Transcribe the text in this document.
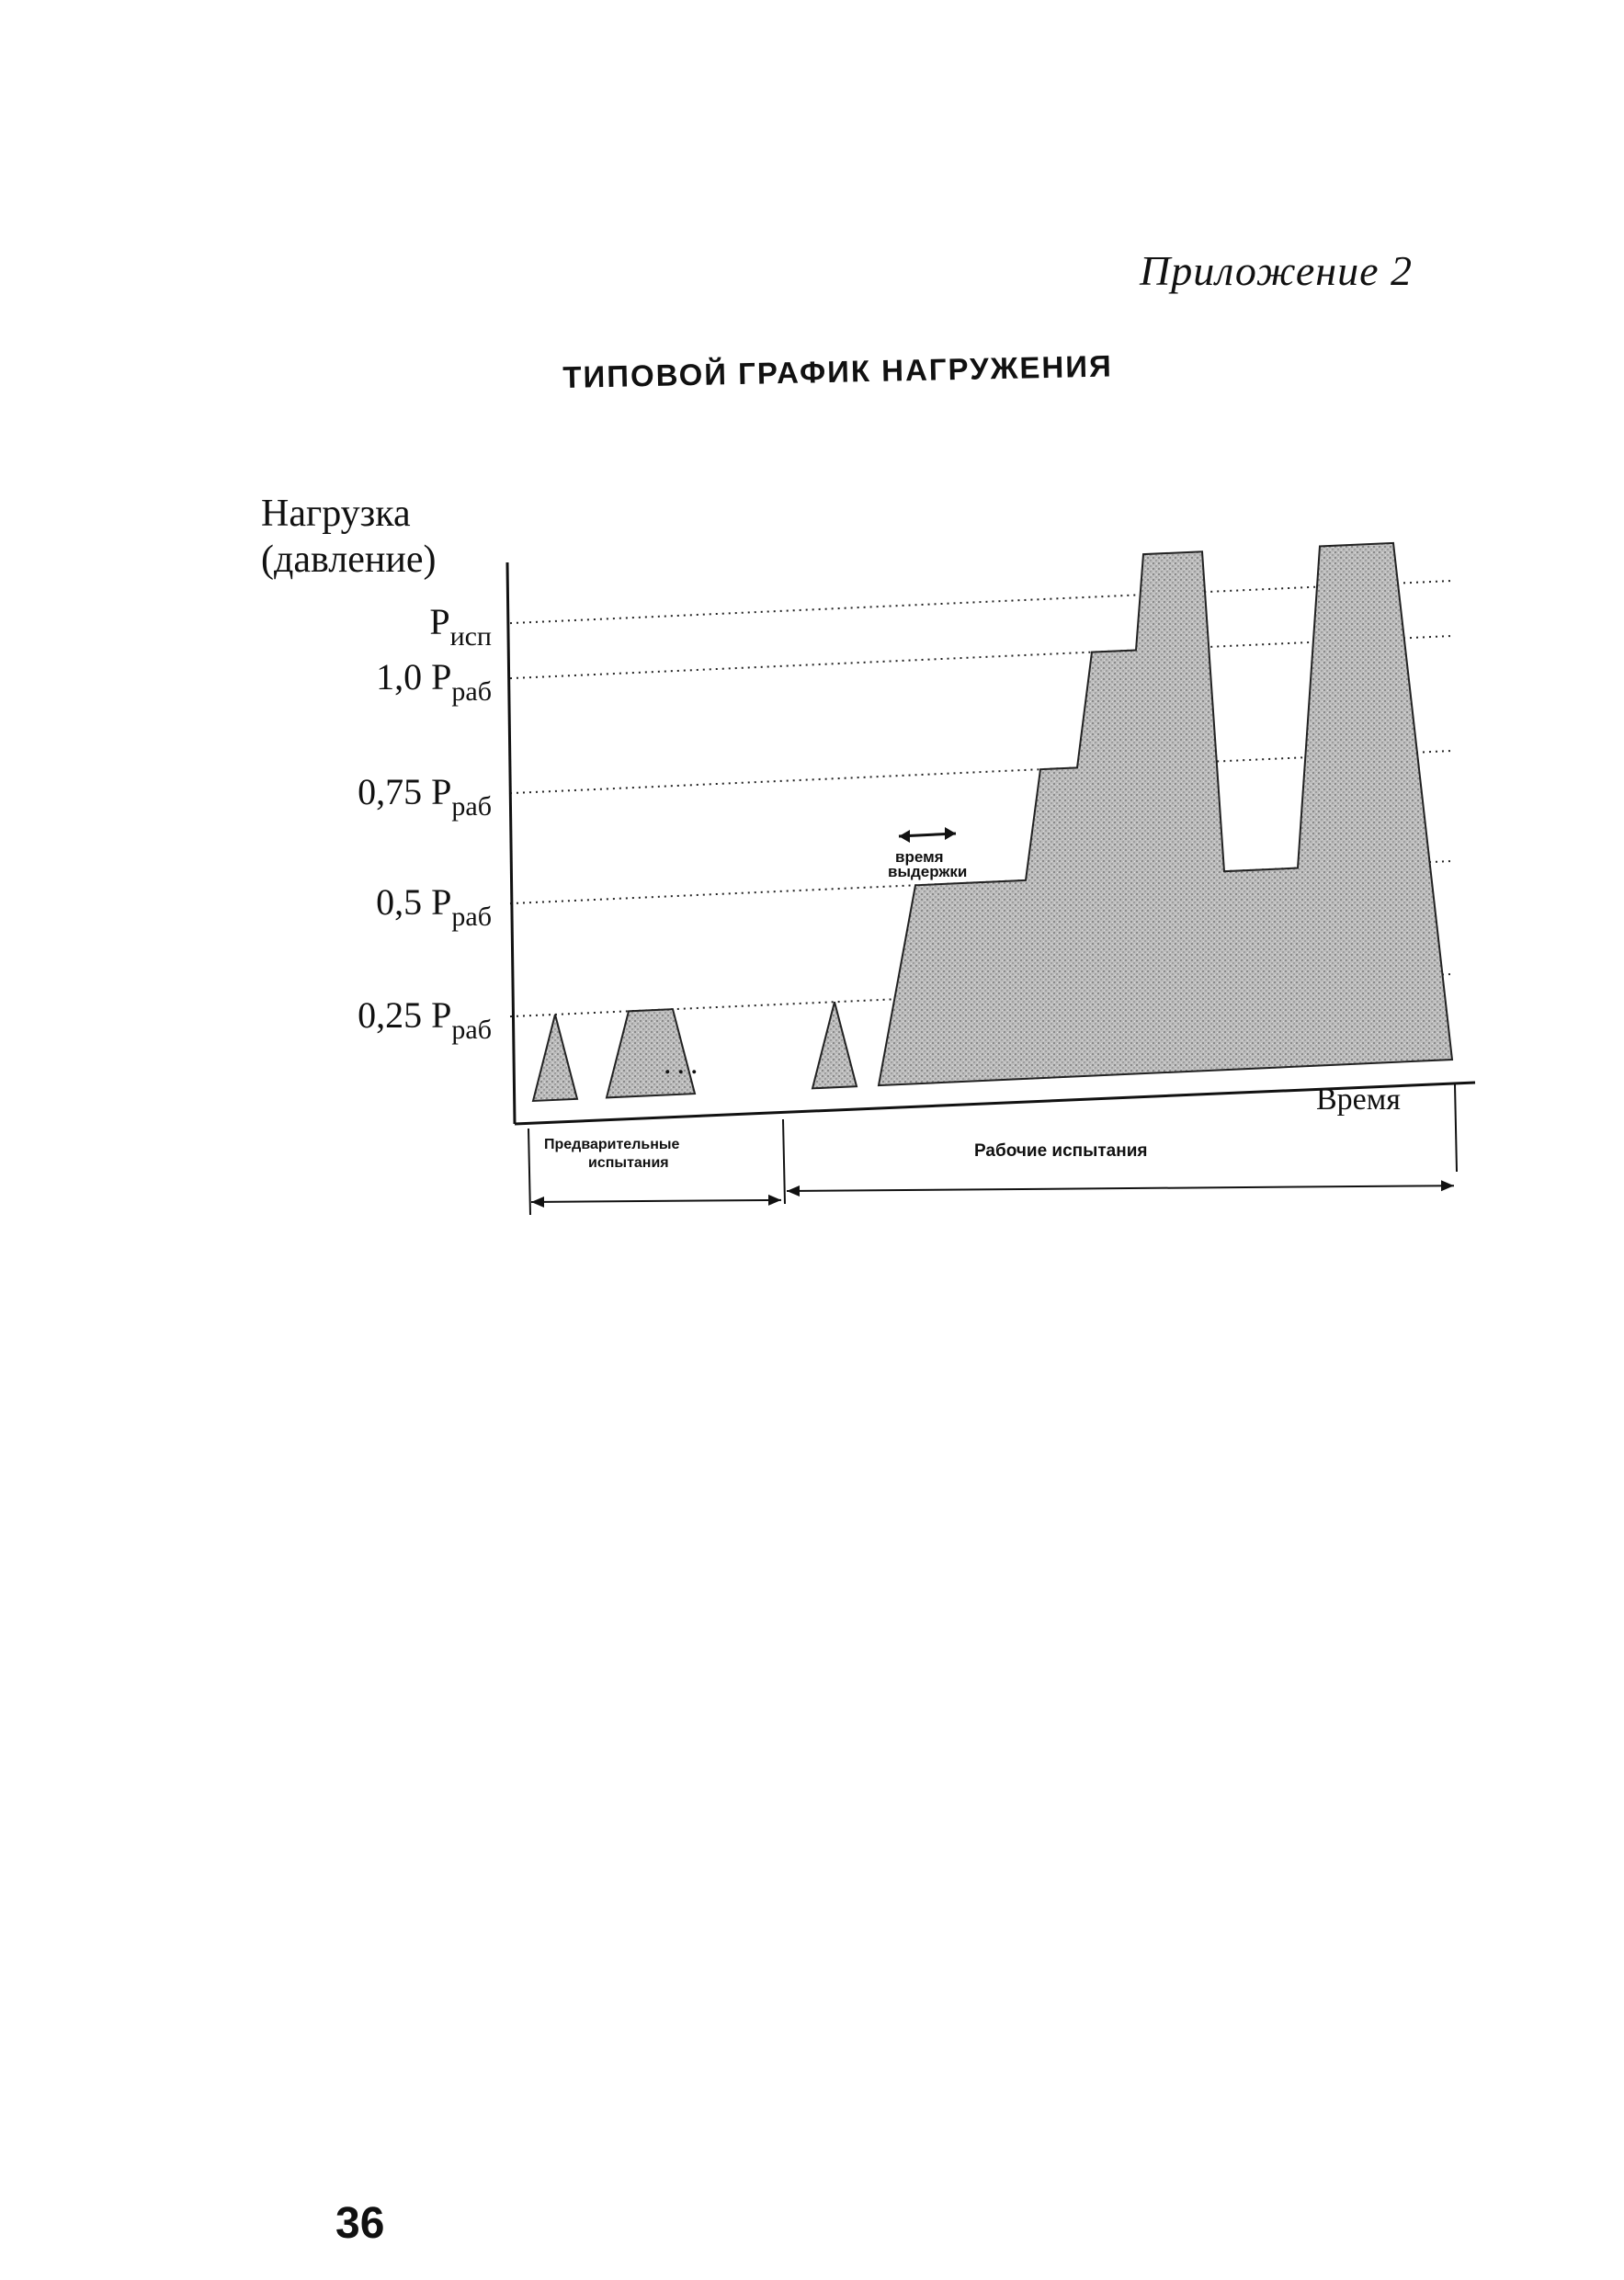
Приложение 2
ТИПОВОЙ ГРАФИК НАГРУЖЕНИЯ
36
Нагрузка
(давление)
Время
...
время
выдержки
Предварительные
испытания
Рабочие испытания
$P_{исп}$
1,0 $P_{раб}$
0,75 $P_{раб}$
0,5 $P_{раб}$
0,25 $P_{раб}$
